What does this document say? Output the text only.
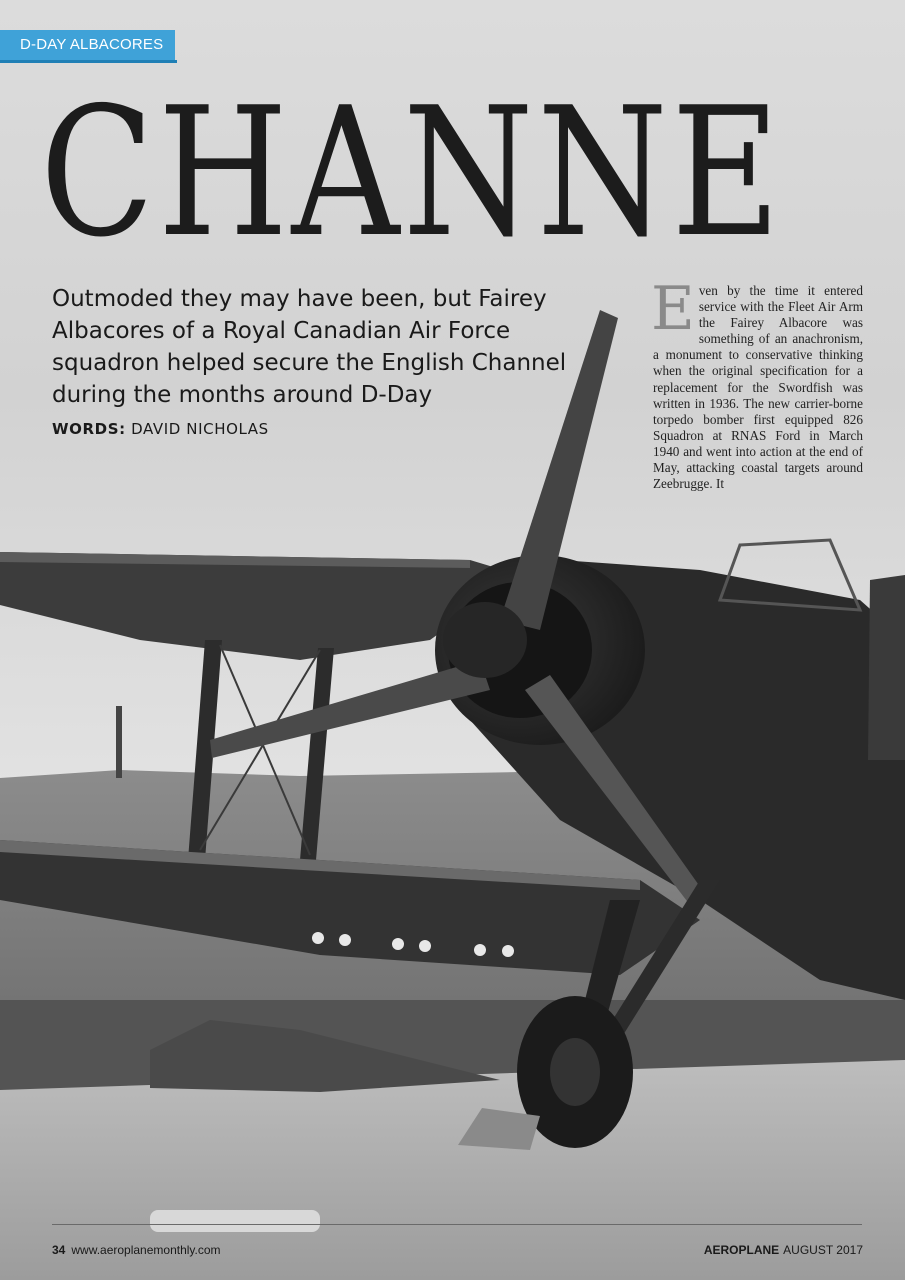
D-DAY ALBACORES
CHANNE
Outmoded they may have been, but Fairey Albacores of a Royal Canadian Air Force squadron helped secure the English Channel during the months around D-Day
WORDS: DAVID NICHOLAS
Even by the time it entered service with the Fleet Air Arm the Fairey Albacore was something of an anachronism, a monument to conservative thinking when the original specification for a replacement for the Swordfish was written in 1936. The new carrier-borne torpedo bomber first equipped 826 Squadron at RNAS Ford in March 1940 and went into action at the end of May, attacking coastal targets around Zeebrugge. It
34 www.aeroplanemonthly.com	AEROPLANE AUGUST 2017
